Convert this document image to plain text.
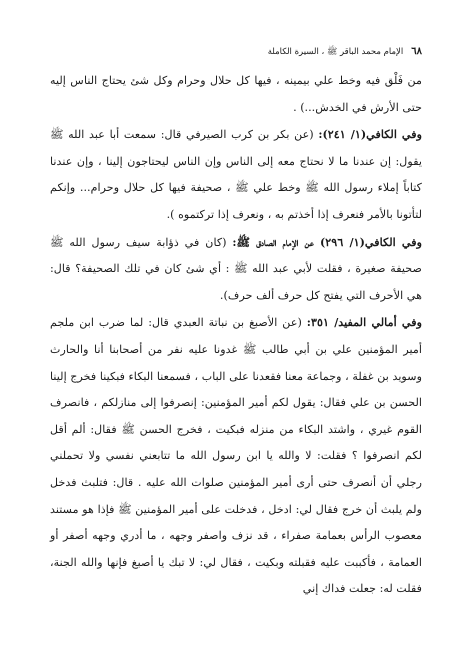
٦٨
الإمام محمد الباقر ﷺ ، السيرة الكاملة

من فَلْق فيه وخط علي بيمينه ، فيها كل حلال وحرام وكل شئ يحتاج الناس إليه حتى الأرش في الخدش...) .

وفي الكافي(١/ ٢٤١): (عن بكر بن كرب الصيرفي قال: سمعت أبا عبد الله ﷺ يقول: إن عندنا ما لا نحتاج معه إلى الناس وإن الناس ليحتاجون إلينا ، وإن عندنا كتاباً إملاء رسول الله ﷺ وخط علي ﷺ ، صحيفة فيها كل حلال وحرام... وإنكم لتأتونا بالأمر فنعرف إذا أخذتم به ، ونعرف إذا تركتموه ).

وفي الكافي(١/ ٢٩٦) عن الإمام الصادق ﷺ: (كان في ذؤابة سيف رسول الله ﷺ صحيفة صغيرة ، فقلت لأبي عبد الله ﷺ : أي شئ كان في تلك الصحيفة؟ قال: هي الأحرف التي يفتح كل حرف ألف حرف).

وفي أمالي المفيد/ ٣٥١: (عن الأصبغ بن نباتة العبدي قال: لما ضرب ابن ملجم أمير المؤمنين علي بن أبي طالب ﷺ غدونا عليه نفر من أصحابنا أنا والحارث وسويد بن غفلة ، وجماعة معنا فقعدنا على الباب ، فسمعنا البكاء فبكينا فخرج إلينا الحسن بن علي فقال: يقول لكم أمير المؤمنين: إنصرفوا إلى منازلكم ، فانصرف القوم غيري ، واشتد البكاء من منزله فبكيت ، فخرج الحسن ﷺ فقال: ألم أقل لكم انصرفوا ؟ فقلت: لا والله يا ابن رسول الله ما تتابعني نفسي ولا تحملني رجلي أن أنصرف حتى أرى أمير المؤمنين صلوات الله عليه . قال: فتلبث فدخل ولم يلبث أن خرج فقال لي: ادخل ، فدخلت على أمير المؤمنين ﷺ فإذا هو مستند معصوب الرأس بعمامة صفراء ، قد نزف واصفر وجهه ، ما أدري وجهه أصفر أو العمامة ، فأكببت عليه فقبلته وبكيت ، فقال لي: لا تبك يا أصبغ فإنها والله الجنة، فقلت له: جعلت فداك إني
